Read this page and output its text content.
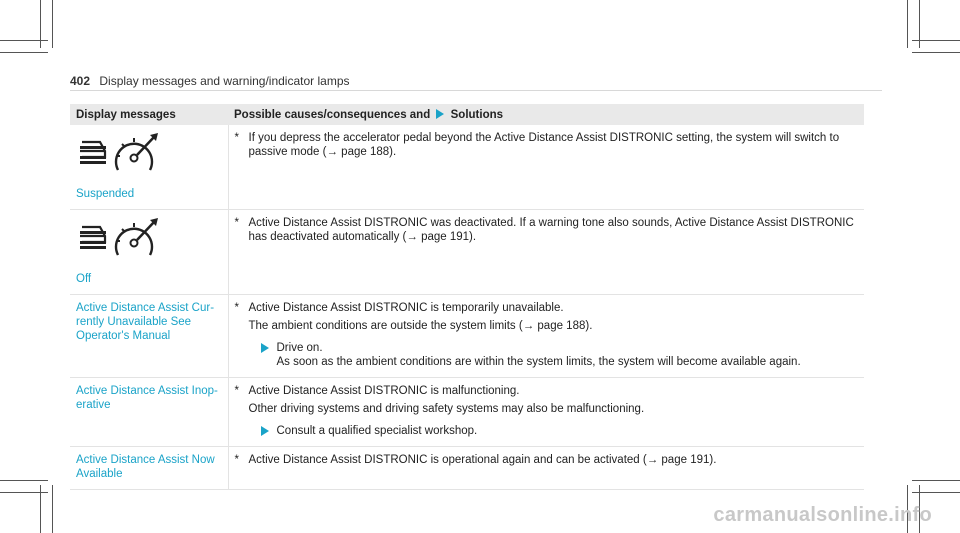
402 Display messages and warning/indicator lamps
Display messages	Possible causes/consequences and Solutions

Suspended	* If you depress the accelerator pedal beyond the Active Distance Assist DISTRONIC setting, the system will switch to passive mode (→ page 188).

Off	* Active Distance Assist DISTRONIC was deactivated. If a warning tone also sounds, Active Distance Assist DISTRONIC has deactivated automatically (→ page 191).

Active Distance Assist Cur-rently Unavailable See Operator's Manual	* Active Distance Assist DISTRONIC is temporarily unavailable.
The ambient conditions are outside the system limits (→ page 188).
Drive on.
As soon as the ambient conditions are within the system limits, the system will become available again.

Active Distance Assist Inop-erative	* Active Distance Assist DISTRONIC is malfunctioning.
Other driving systems and driving safety systems may also be malfunctioning.
Consult a qualified specialist workshop.

Active Distance Assist Now Available	* Active Distance Assist DISTRONIC is operational again and can be activated (→ page 191).
carmanualsonline.info
